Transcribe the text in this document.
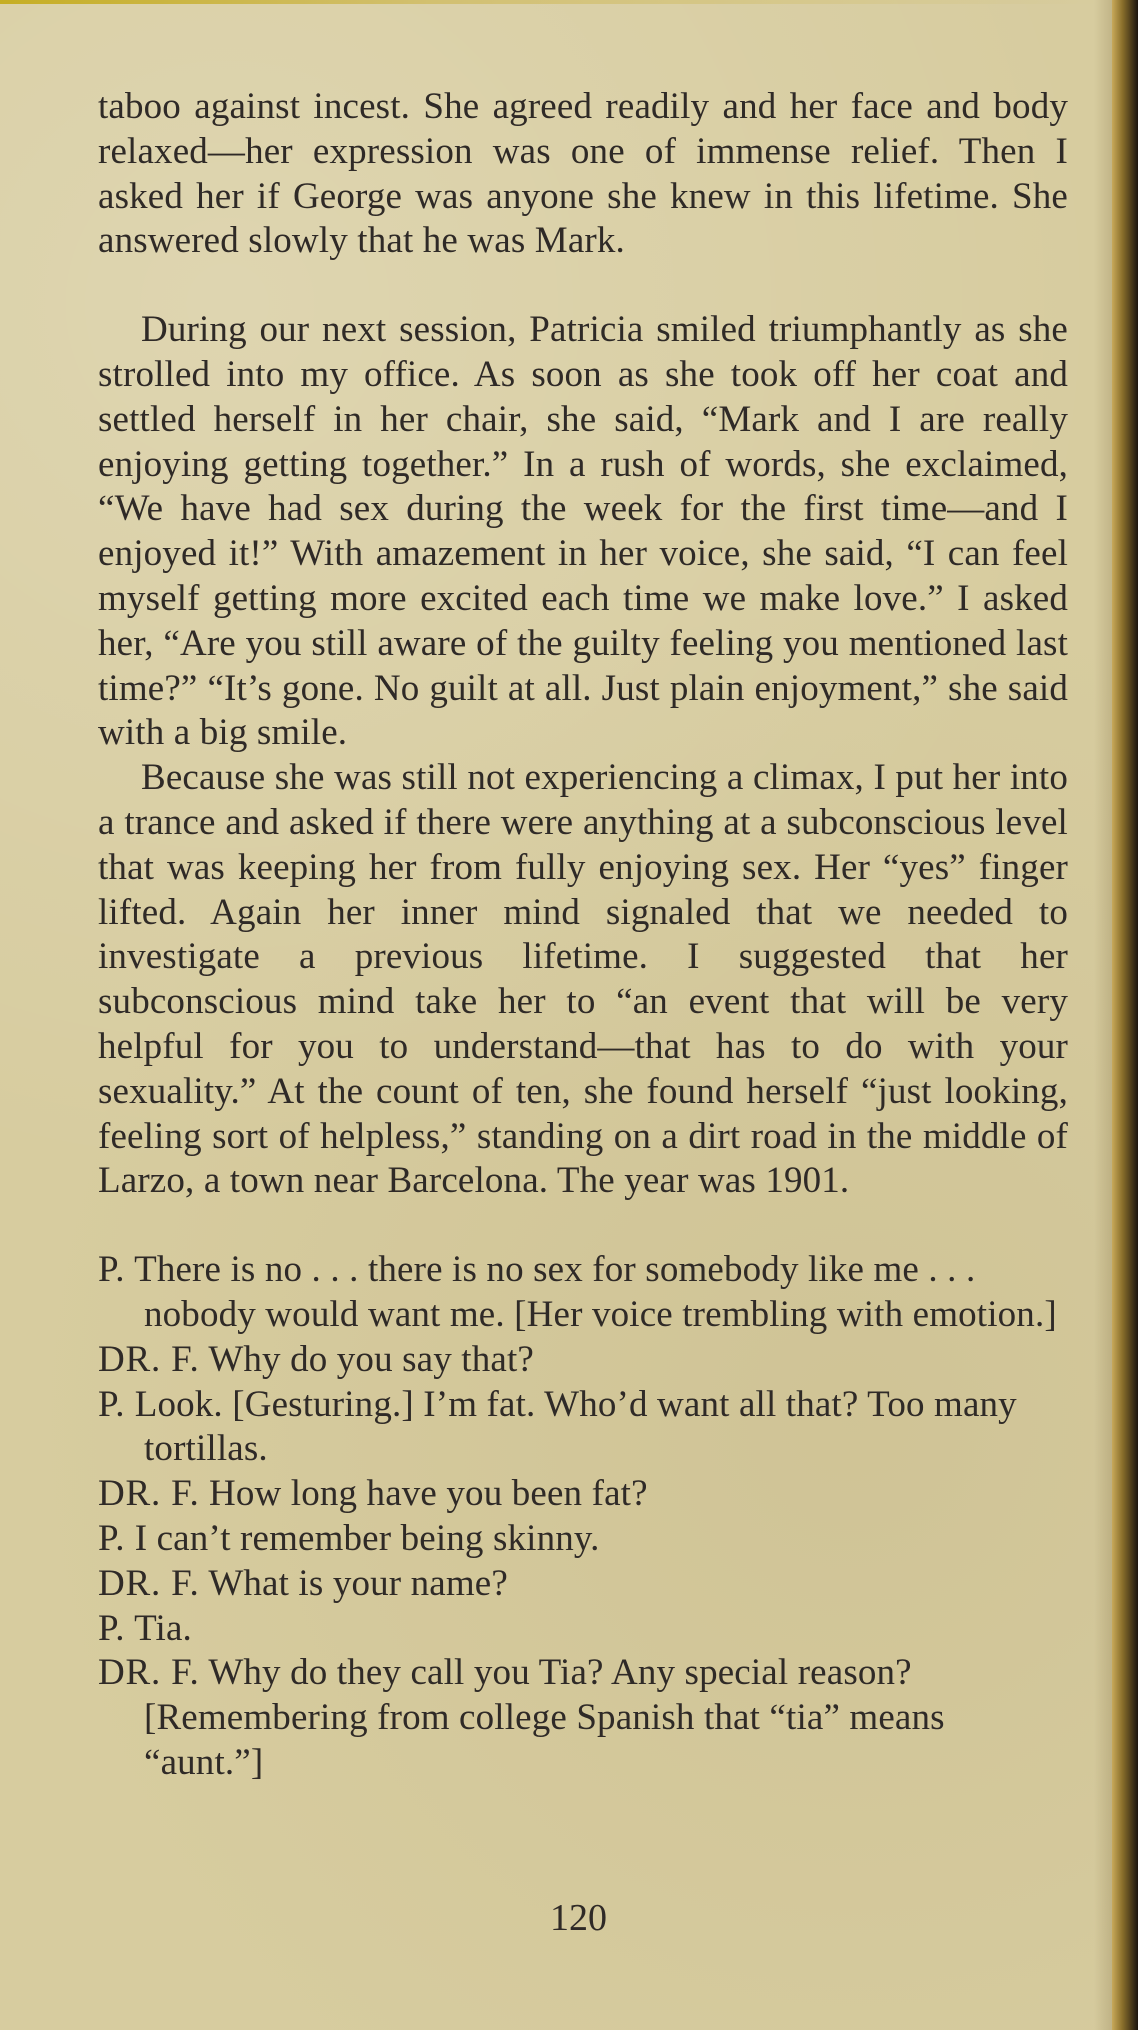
taboo against incest. She agreed readily and her face and body relaxed—her expression was one of immense relief. Then I asked her if George was anyone she knew in this lifetime. She answered slowly that he was Mark.

During our next session, Patricia smiled triumphantly as she strolled into my office. As soon as she took off her coat and settled herself in her chair, she said, “Mark and I are really enjoying getting together.” In a rush of words, she exclaimed, “We have had sex during the week for the first time—and I enjoyed it!” With amazement in her voice, she said, “I can feel myself getting more excited each time we make love.” I asked her, “Are you still aware of the guilty feeling you mentioned last time?” “It’s gone. No guilt at all. Just plain enjoyment,” she said with a big smile.

Because she was still not experiencing a climax, I put her into a trance and asked if there were anything at a subconscious level that was keeping her from fully enjoying sex. Her “yes” finger lifted. Again her inner mind signaled that we needed to investigate a previous lifetime. I suggested that her subconscious mind take her to “an event that will be very helpful for you to understand—that has to do with your sexuality.” At the count of ten, she found herself “just looking, feeling sort of helpless,” standing on a dirt road in the middle of Larzo, a town near Barcelona. The year was 1901.

P. There is no . . . there is no sex for somebody like me . . . nobody would want me. [Her voice trembling with emotion.]

DR. F. Why do you say that?

P. Look. [Gesturing.] I’m fat. Who’d want all that? Too many tortillas.

DR. F. How long have you been fat?

P. I can’t remember being skinny.

DR. F. What is your name?

P. Tia.

DR. F. Why do they call you Tia? Any special reason? [Remembering from college Spanish that “tia” means “aunt.”]

120
